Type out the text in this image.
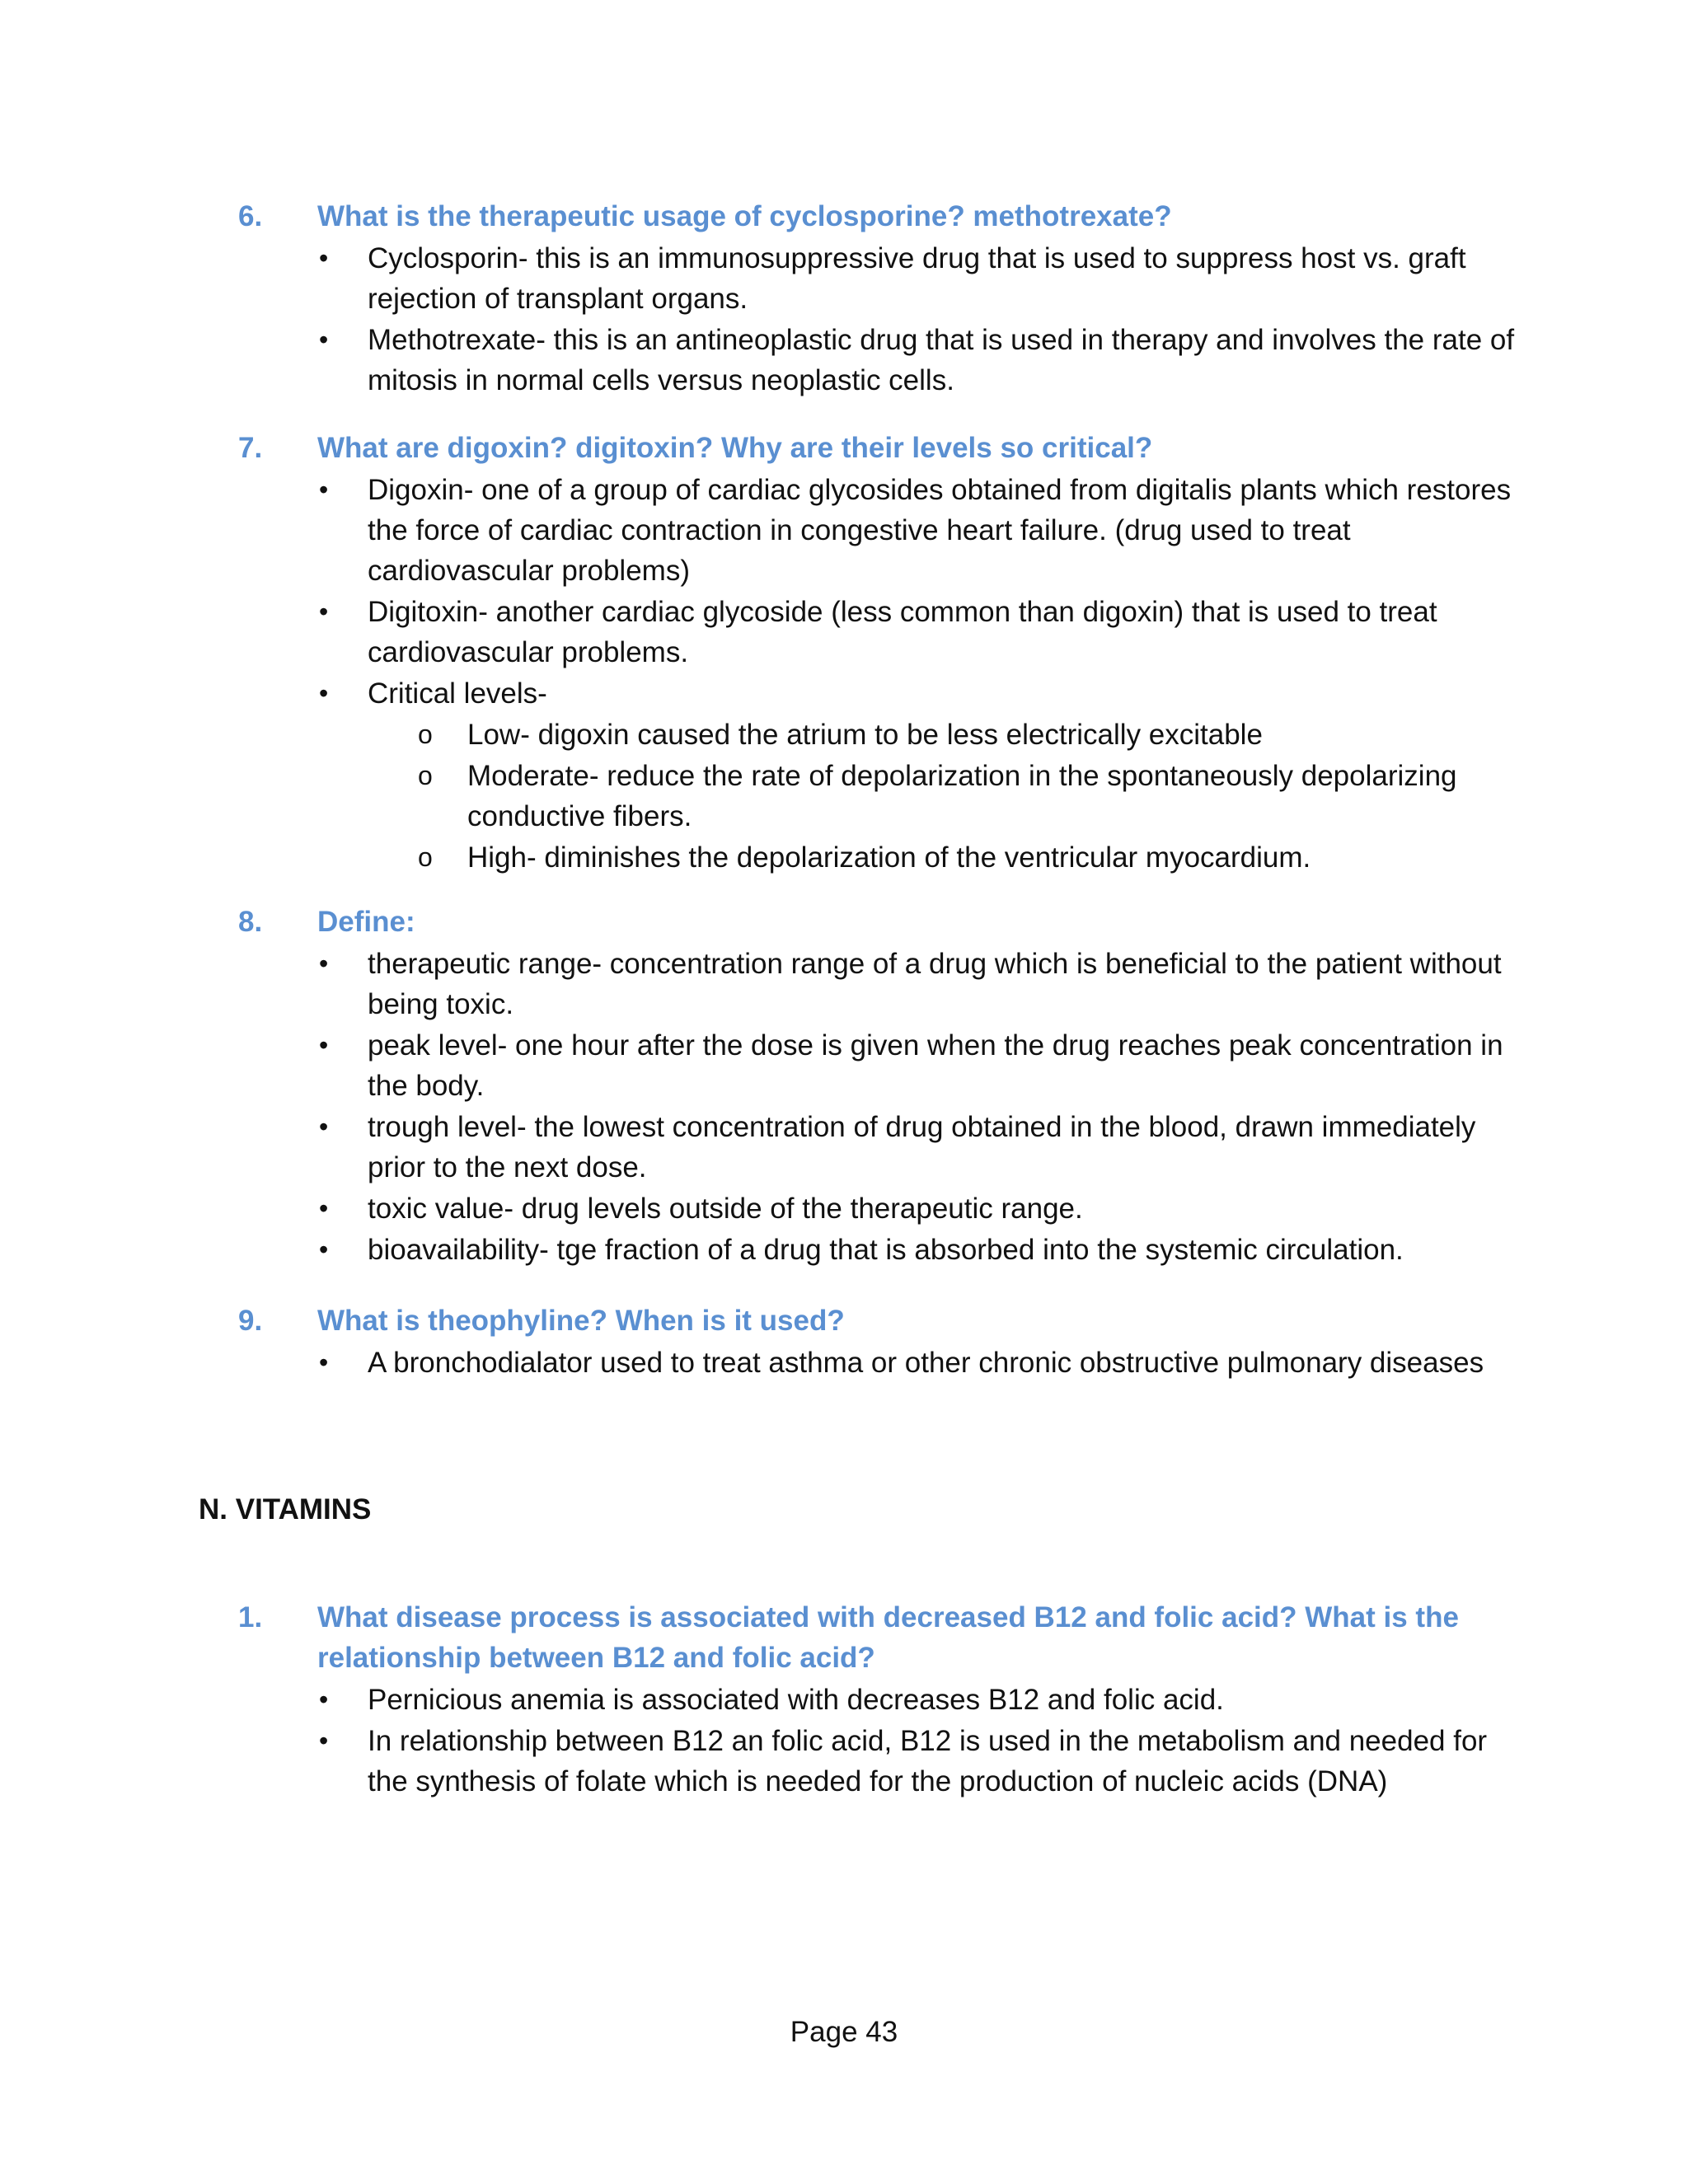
6. What is the therapeutic usage of cyclosporine? methotrexate?
• Cyclosporin- this is an immunosuppressive drug that is used to suppress host vs. graft rejection of transplant organs.
• Methotrexate- this is an antineoplastic drug that is used in therapy and involves the rate of mitosis in normal cells versus neoplastic cells.
7. What are digoxin? digitoxin? Why are their levels so critical?
• Digoxin- one of a group of cardiac glycosides obtained from digitalis plants which restores the force of cardiac contraction in congestive heart failure. (drug used to treat cardiovascular problems)
• Digitoxin- another cardiac glycoside (less common than digoxin) that is used to treat cardiovascular problems.
• Critical levels-
o Low- digoxin caused the atrium to be less electrically excitable
o Moderate- reduce the rate of depolarization in the spontaneously depolarizing conductive fibers.
o High- diminishes the depolarization of the ventricular myocardium.
8. Define:
• therapeutic range- concentration range of a drug which is beneficial to the patient without being toxic.
• peak level- one hour after the dose is given when the drug reaches peak concentration in the body.
• trough level- the lowest concentration of drug obtained in the blood, drawn immediately prior to the next dose.
• toxic value- drug levels outside of the therapeutic range.
• bioavailability- tge fraction of a drug that is absorbed into the systemic circulation.
9. What is theophyline? When is it used?
• A bronchodialator used to treat asthma or other chronic obstructive pulmonary diseases
N. VITAMINS
1. What disease process is associated with decreased B12 and folic acid? What is the relationship between B12 and folic acid?
• Pernicious anemia is associated with decreases B12 and folic acid.
• In relationship between B12 an folic acid, B12 is used in the metabolism and needed for the synthesis of folate which is needed for the production of nucleic acids (DNA)
Page 43
